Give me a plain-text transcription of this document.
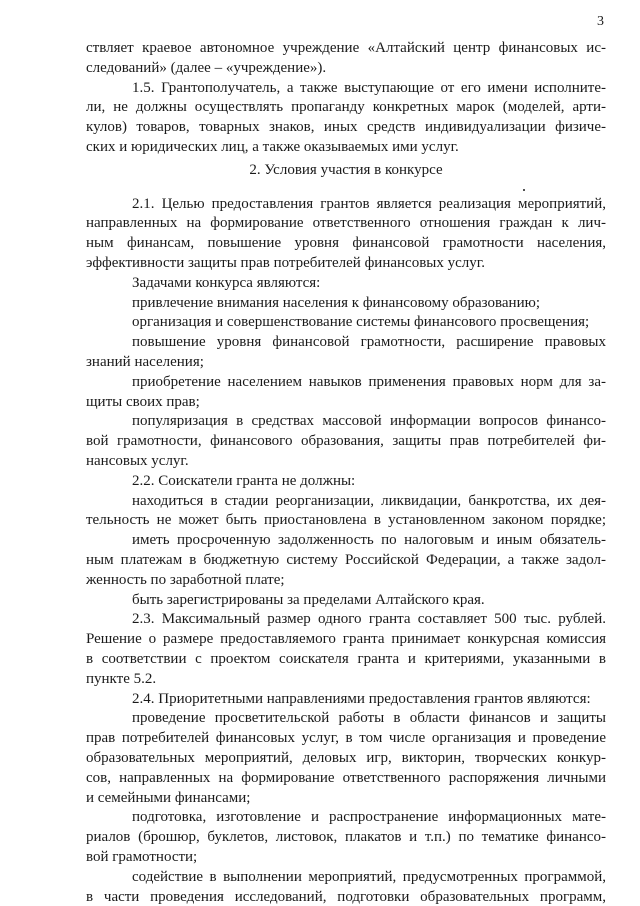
3
ствляет краевое автономное учреждение «Алтайский центр финансовых ис-
следований» (далее – «учреждение»).
1.5. Грантополучатель, а также выступающие от его имени исполните-
ли, не должны осуществлять пропаганду конкретных марок (моделей, арти-
кулов) товаров, товарных знаков, иных средств индивидуализации физиче-
ских и юридических лиц, а также оказываемых ими услуг.
2. Условия участия в конкурсе
2.1. Целью предоставления грантов является реализация мероприятий,
направленных на формирование ответственного отношения граждан к лич-
ным финансам, повышение уровня финансовой грамотности населения,
эффективности защиты прав потребителей финансовых услуг.
Задачами конкурса являются:
привлечение внимания населения к финансовому образованию;
организация и совершенствование системы финансового просвещения;
повышение уровня финансовой грамотности, расширение правовых
знаний населения;
приобретение населением навыков применения правовых норм для за-
щиты своих прав;
популяризация в средствах массовой информации вопросов финансо-
вой грамотности, финансового образования, защиты прав потребителей фи-
нансовых услуг.
2.2. Соискатели гранта не должны:
находиться в стадии реорганизации, ликвидации, банкротства, их дея-
тельность не может быть приостановлена в установленном законом порядке;
иметь просроченную задолженность по налоговым и иным обязатель-
ным платежам в бюджетную систему Российской Федерации, а также задол-
женность по заработной плате;
быть зарегистрированы за пределами Алтайского края.
2.3. Максимальный размер одного гранта составляет 500 тыс. рублей.
Решение о размере предоставляемого гранта принимает конкурсная комиссия
в соответствии с проектом соискателя гранта и критериями, указанными в
пункте 5.2.
2.4. Приоритетными направлениями предоставления грантов являются:
проведение просветительской работы в области финансов и защиты
прав потребителей финансовых услуг, в том числе организация и проведение
образовательных мероприятий, деловых игр, викторин, творческих конкур-
сов, направленных на формирование ответственного распоряжения личными
и семейными финансами;
подготовка, изготовление и распространение информационных мате-
риалов (брошюр, буклетов, листовок, плакатов и т.п.) по тематике финансо-
вой грамотности;
содействие в выполнении мероприятий, предусмотренных программой,
в части проведения исследований, подготовки образовательных программ,
